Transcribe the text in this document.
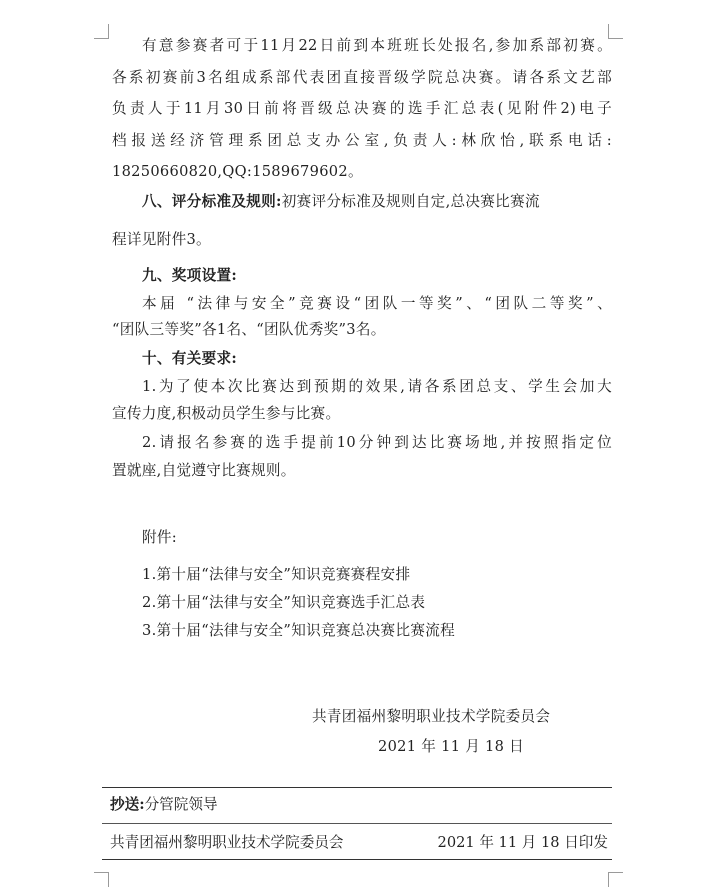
有意参赛者可于11月22日前到本班班长处报名,参加系部初赛。
各系初赛前3名组成系部代表团直接晋级学院总决赛。请各系文艺部
负责人于11月30日前将晋级总决赛的选手汇总表(见附件2)电子
档报送经济管理系团总支办公室,负责人:林欣怡,联系电话:
18250660820,QQ:1589679602。
八、评分标准及规则: 初赛评分标准及规则自定,总决赛比赛流
程详见附件3。
九、奖项设置:
本届 “法律与安全”竞赛设“团队一等奖”、“团队二等奖”、
“团队三等奖”各1名、“团队优秀奖”3名。
十、有关要求:
1.为了使本次比赛达到预期的效果,请各系团总支、学生会加大
宣传力度,积极动员学生参与比赛。
2.请报名参赛的选手提前10分钟到达比赛场地,并按照指定位
置就座,自觉遵守比赛规则。
附件:
1.第十届“法律与安全”知识竞赛赛程安排
2.第十届“法律与安全”知识竞赛选手汇总表
3.第十届“法律与安全”知识竞赛总决赛比赛流程
共青团福州黎明职业技术学院委员会
2021 年 11 月 18 日
抄送:分管院领导
共青团福州黎明职业技术学院委员会	2021 年 11 月 18 日印发
